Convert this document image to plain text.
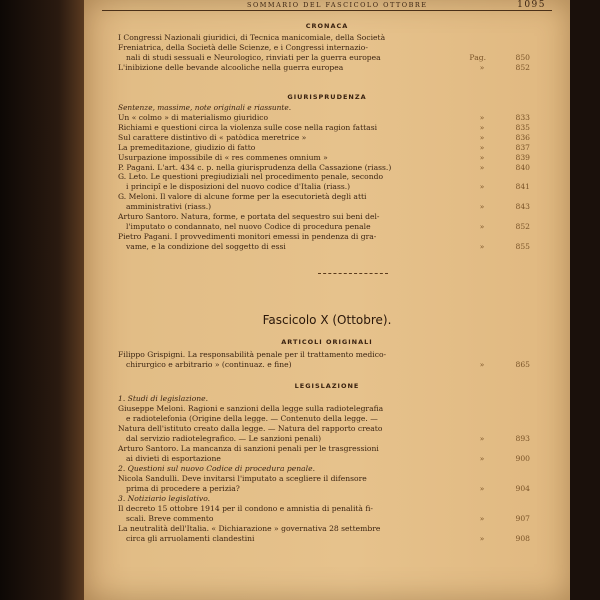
SOMMARIO DEL FASCICOLO OTTOBRE	1095
CRONACA
I Congressi Nazionali giuridici, di Tecnica manicomiale, della Società
Freniatrica, della Società delle Scienze, e i Congressi internazio-
nali di studi sessuali e Neurologico, rinviati per la guerra europea	Pag.	850
L'inibizione delle bevande alcooliche nella guerra europea	»	852
GIURISPRUDENZA
Sentenze, massime, note originali e riassunte.
Un « colmo » di materialismo giuridico	»	833
Richiami e questioni circa la violenza sulle cose nella ragion fattasi	»	835
Sul carattere distintivo di « patòdica meretrice »	»	836
La premeditazione, giudizio di fatto	»	837
Usurpazione impossibile di « res commenes omnium »	»	839
P. Pagani. L'art. 434 c. p. nella giurisprudenza della Cassazione (riass.)	»	840
G. Leto. Le questioni pregiudiziali nel procedimento penale, secondo
i principî e le disposizioni del nuovo codice d'Italia (riass.)	»	841
G. Meloni. Il valore di alcune forme per la esecutorietà degli atti
amministrativi (riass.)	»	843
Arturo Santoro. Natura, forme, e portata del sequestro sui beni del-
l'imputato o condannato, nel nuovo Codice di procedura penale	»	852
Pietro Pagani. I provvedimenti monitori emessi in pendenza di gra-
vame, e la condizione del soggetto di essi	»	855
Fascicolo X (Ottobre).
ARTICOLI ORIGINALI
Filippo Grispigni. La responsabilità penale per il trattamento medico-
chirurgico e arbitrario » (continuaz. e fine)	»	865
LEGISLAZIONE
1. Studi di legislazione.
Giuseppe Meloni. Ragioni e sanzioni della legge sulla radiotelegrafia
e radiotelefonia (Origine della legge. — Contenuto della legge. —
Natura dell'istituto creato dalla legge. — Natura del rapporto creato
dal servizio radiotelegrafico. — Le sanzioni penali)	»	893
Arturo Santoro. La mancanza di sanzioni penali per le trasgressioni
ai divieti di esportazione	»	900
2. Questioni sul nuovo Codice di procedura penale.
Nicola Sandulli. Deve invitarsi l'imputato a scegliere il difensore
prima di procedere a perizia?	»	904
3. Notiziario legislativo.
Il decreto 15 ottobre 1914 per il condono e amnistia di penalità fi-
scali. Breve commento	»	907
La neutralità dell'Italia. « Dichiarazione » governativa 28 settembre
circa gli arruolamenti clandestini	»	908
